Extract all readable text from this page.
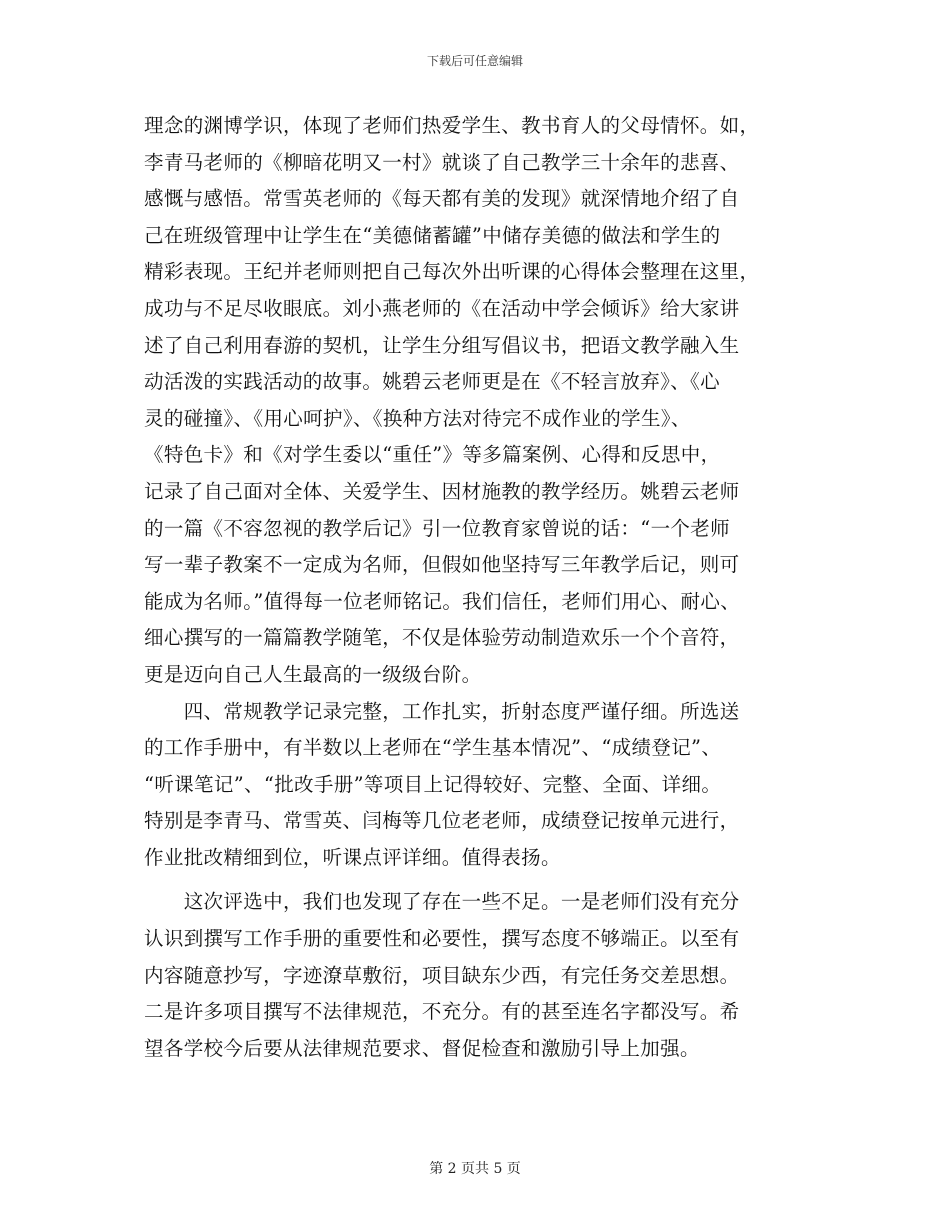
下载后可任意编辑
理念的渊博学识，体现了老师们热爱学生、教书育人的父母情怀。如，
李青马老师的《柳暗花明又一村》就谈了自己教学三十余年的悲喜、
感慨与感悟。常雪英老师的《每天都有美的发现》就深情地介绍了自
己在班级管理中让学生在“美德储蓄罐”中储存美德的做法和学生的
精彩表现。王纪并老师则把自己每次外出听课的心得体会整理在这里，
成功与不足尽收眼底。刘小燕老师的《在活动中学会倾诉》给大家讲
述了自己利用春游的契机，让学生分组写倡议书，把语文教学融入生
动活泼的实践活动的故事。姚碧云老师更是在《不轻言放弃》、《心
灵的碰撞》、《用心呵护》、《换种方法对待完不成作业的学生》、
《特色卡》和《对学生委以“重任”》等多篇案例、心得和反思中，
记录了自己面对全体、关爱学生、因材施教的教学经历。姚碧云老师
的一篇《不容忽视的教学后记》引一位教育家曾说的话：“一个老师
写一辈子教案不一定成为名师，但假如他坚持写三年教学后记，则可
能成为名师。”值得每一位老师铭记。我们信任，老师们用心、耐心、
细心撰写的一篇篇教学随笔，不仅是体验劳动制造欢乐一个个音符，
更是迈向自己人生最高的一级级台阶。
　　四、常规教学记录完整，工作扎实，折射态度严谨仔细。所选送
的工作手册中，有半数以上老师在“学生基本情况”、“成绩登记”、
“听课笔记”、“批改手册”等项目上记得较好、完整、全面、详细。
特别是李青马、常雪英、闫梅等几位老老师，成绩登记按单元进行，
作业批改精细到位，听课点评详细。值得表扬。
　　这次评选中，我们也发现了存在一些不足。一是老师们没有充分
认识到撰写工作手册的重要性和必要性，撰写态度不够端正。以至有
内容随意抄写，字迹潦草敷衍，项目缺东少西，有完任务交差思想。
二是许多项目撰写不法律规范，不充分。有的甚至连名字都没写。希
望各学校今后要从法律规范要求、督促检查和激励引导上加强。
第 2 页共 5 页
